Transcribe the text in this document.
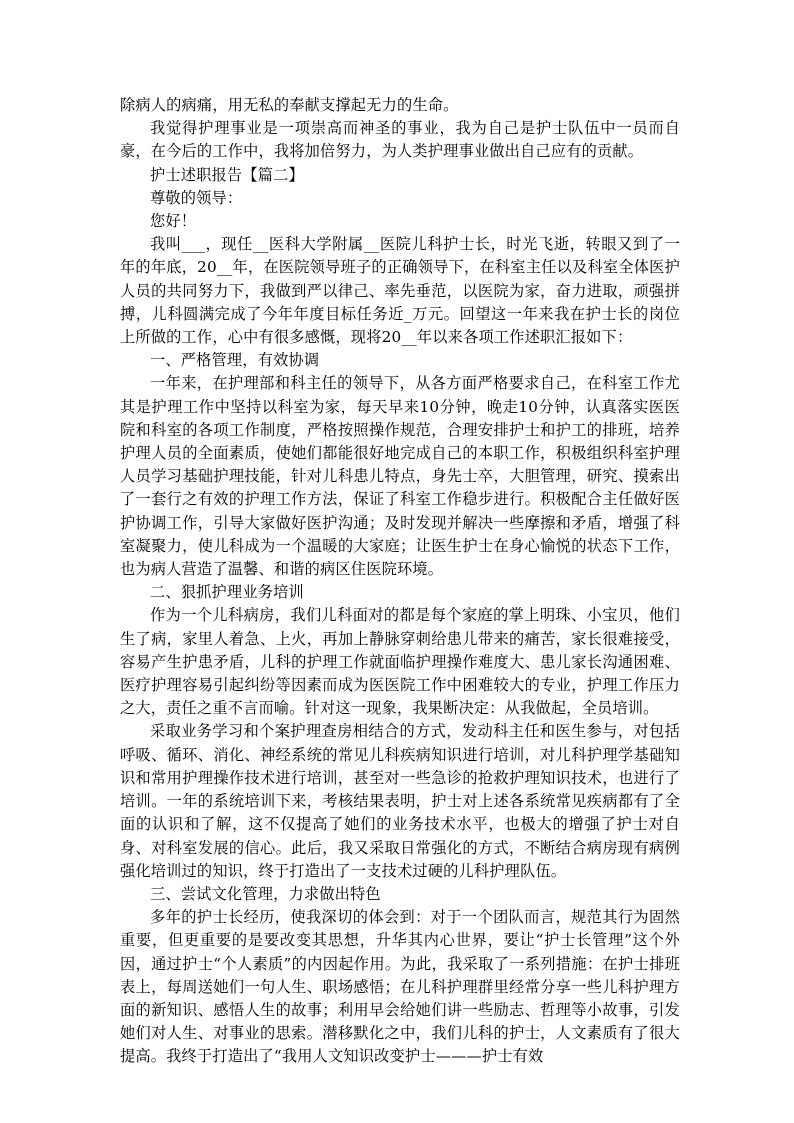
除病人的病痛，用无私的奉献支撑起无力的生命。

我觉得护理事业是一项崇高而神圣的事业，我为自己是护士队伍中一员而自豪，在今后的工作中，我将加倍努力，为人类护理事业做出自己应有的贡献。

护士述职报告【篇二】

尊敬的领导：

您好！

我叫___，现任__医科大学附属__医院儿科护士长，时光飞逝，转眼又到了一年的年底，20__年，在医院领导班子的正确领导下，在科室主任以及科室全体医护人员的共同努力下，我做到严以律己、率先垂范，以医院为家，奋力进取，顽强拼搏，儿科圆满完成了今年年度目标任务近_万元。回望这一年来我在护士长的岗位上所做的工作，心中有很多感慨，现将20__年以来各项工作述职汇报如下：

一、严格管理，有效协调

一年来，在护理部和科主任的领导下，从各方面严格要求自己，在科室工作尤其是护理工作中坚持以科室为家，每天早来10分钟，晚走10分钟，认真落实医医院和科室的各项工作制度，严格按照操作规范，合理安排护士和护工的排班，培养护理人员的全面素质，使她们都能很好地完成自己的本职工作，积极组织科室护理人员学习基础护理技能，针对儿科患儿特点，身先士卒，大胆管理，研究、摸索出了一套行之有效的护理工作方法，保证了科室工作稳步进行。积极配合主任做好医护协调工作，引导大家做好医护沟通；及时发现并解决一些摩擦和矛盾，增强了科室凝聚力，使儿科成为一个温暖的大家庭；让医生护士在身心愉悦的状态下工作，也为病人营造了温馨、和谐的病区住医院环境。

二、狠抓护理业务培训

作为一个儿科病房，我们儿科面对的都是每个家庭的掌上明珠、小宝贝，他们生了病，家里人着急、上火，再加上静脉穿刺给患儿带来的痛苦，家长很难接受，容易产生护患矛盾，儿科的护理工作就面临护理操作难度大、患儿家长沟通困难、医疗护理容易引起纠纷等因素而成为医医院工作中困难较大的专业，护理工作压力之大，责任之重不言而喻。针对这一现象，我果断决定：从我做起，全员培训。

采取业务学习和个案护理查房相结合的方式，发动科主任和医生参与，对包括呼吸、循环、消化、神经系统的常见儿科疾病知识进行培训，对儿科护理学基础知识和常用护理操作技术进行培训，甚至对一些急诊的抢救护理知识技术，也进行了培训。一年的系统培训下来，考核结果表明，护士对上述各系统常见疾病都有了全面的认识和了解，这不仅提高了她们的业务技术水平，也极大的增强了护士对自身、对科室发展的信心。此后，我又采取日常强化的方式，不断结合病房现有病例强化培训过的知识，终于打造出了一支技术过硬的儿科护理队伍。

三、尝试文化管理，力求做出特色

多年的护士长经历，使我深切的体会到：对于一个团队而言，规范其行为固然重要，但更重要的是要改变其思想，升华其内心世界，要让“护士长管理”这个外因，通过护士“个人素质”的内因起作用。为此，我采取了一系列措施：在护士排班表上，每周送她们一句人生、职场感悟；在儿科护理群里经常分享一些儿科护理方面的新知识、感悟人生的故事；利用早会给她们讲一些励志、哲理等小故事，引发她们对人生、对事业的思索。潜移默化之中，我们儿科的护士，人文素质有了很大提高。我终于打造出了“我用人文知识改变护士———护士有效
